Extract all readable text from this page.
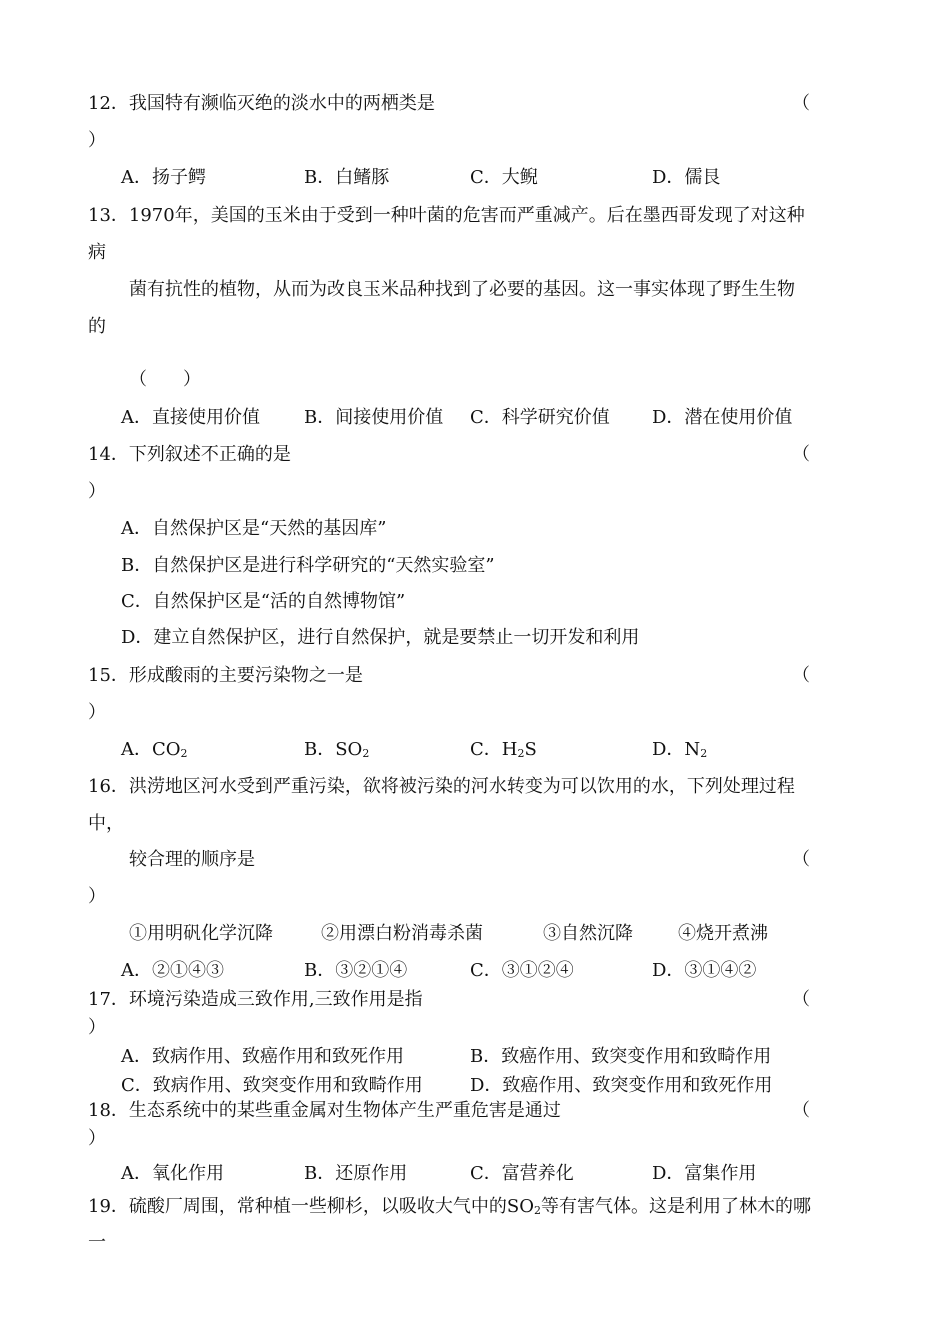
12．我国特有濒临灭绝的淡水中的两栖类是	（
）
A．扬子鳄	B．白鳍豚	C．大鲵	D．儒艮
13．1970年，美国的玉米由于受到一种叶菌的危害而严重减产。后在墨西哥发现了对这种
病
菌有抗性的植物，从而为改良玉米品种找到了必要的基因。这一事实体现了野生生物
的
（　　）
A．直接使用价值 B．间接使用价值 C．科学研究价值 D．潜在使用价值
14．下列叙述不正确的是	（
）
A．自然保护区是“天然的基因库”
B．自然保护区是进行科学研究的“天然实验室”
C．自然保护区是“活的自然博物馆”
D．建立自然保护区，进行自然保护，就是要禁止一切开发和利用
15．形成酸雨的主要污染物之一是	（
）
A．$CO_2$	B．$SO_2$	C．$H_2S$	D．$N_2$
16．洪涝地区河水受到严重污染，欲将被污染的河水转变为可以饮用的水，下列处理过程
中，
较合理的顺序是	（
）
①用明矾化学沉降	②用漂白粉消毒杀菌	③自然沉降	④烧开煮沸
A．②①④③	B．③②①④	C．③①②④	D．③①④②
17．环境污染造成三致作用,三致作用是指	（
）
A．致病作用、致癌作用和致死作用	B．致癌作用、致突变作用和致畸作用
C．致病作用、致突变作用和致畸作用	D．致癌作用、致突变作用和致死作用
18．生态系统中的某些重金属对生物体产生严重危害是通过	（
）
A．氧化作用	B．还原作用	C．富营养化	D．富集作用
19．硫酸厂周围，常种植一些柳杉，以吸收大气中的$SO_2$等有害气体。这是利用了林木的哪
一
